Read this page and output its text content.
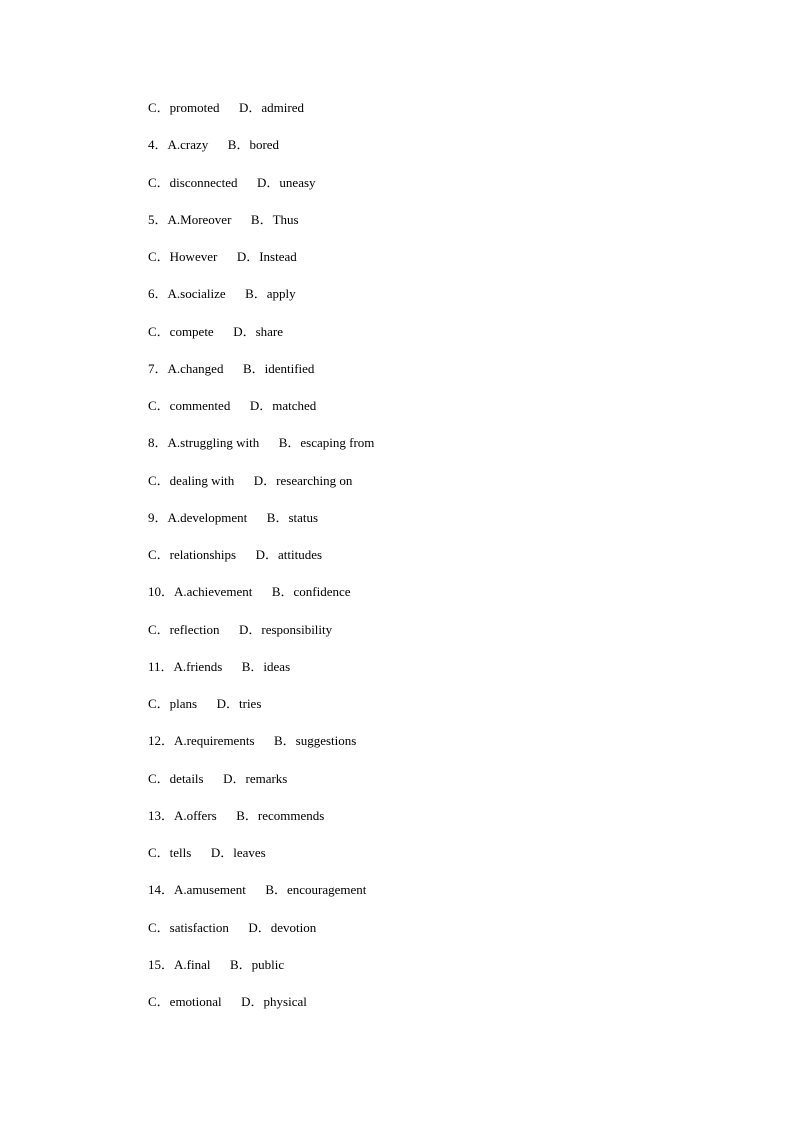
C．promoted  D．admired
4．A.crazy  B．bored
C．disconnected  D．uneasy
5．A.Moreover  B．Thus
C．However  D．Instead
6．A.socialize  B．apply
C．compete  D．share
7．A.changed  B．identified
C．commented  D．matched
8．A.struggling with  B．escaping from
C．dealing with  D．researching on
9．A.development  B．status
C．relationships  D．attitudes
10．A.achievement  B．confidence
C．reflection  D．responsibility
11．A.friends  B．ideas
C．plans  D．tries
12．A.requirements  B．suggestions
C．details  D．remarks
13．A.offers  B．recommends
C．tells  D．leaves
14．A.amusement  B．encouragement
C．satisfaction  D．devotion
15．A.final  B．public
C．emotional  D．physical
